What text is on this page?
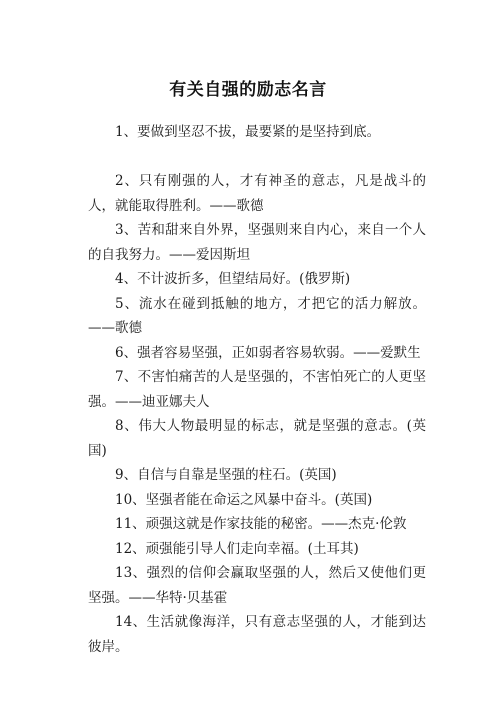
有关自强的励志名言

1、要做到坚忍不拔，最要紧的是坚持到底。

2、只有刚强的人，才有神圣的意志，凡是战斗的人，就能取得胜利。——歌德

3、苦和甜来自外界，坚强则来自内心，来自一个人的自我努力。——爱因斯坦

4、不计波折多，但望结局好。(俄罗斯)

5、流水在碰到抵触的地方，才把它的活力解放。——歌德

6、强者容易坚强，正如弱者容易软弱。——爱默生

7、不害怕痛苦的人是坚强的，不害怕死亡的人更坚强。——迪亚娜夫人

8、伟大人物最明显的标志，就是坚强的意志。(英国)

9、自信与自靠是坚强的柱石。(英国)

10、坚强者能在命运之风暴中奋斗。(英国)

11、顽强这就是作家技能的秘密。——杰克·伦敦

12、顽强能引导人们走向幸福。(土耳其)

13、强烈的信仰会赢取坚强的人，然后又使他们更坚强。——华特·贝基霍

14、生活就像海洋，只有意志坚强的人，才能到达彼岸。
